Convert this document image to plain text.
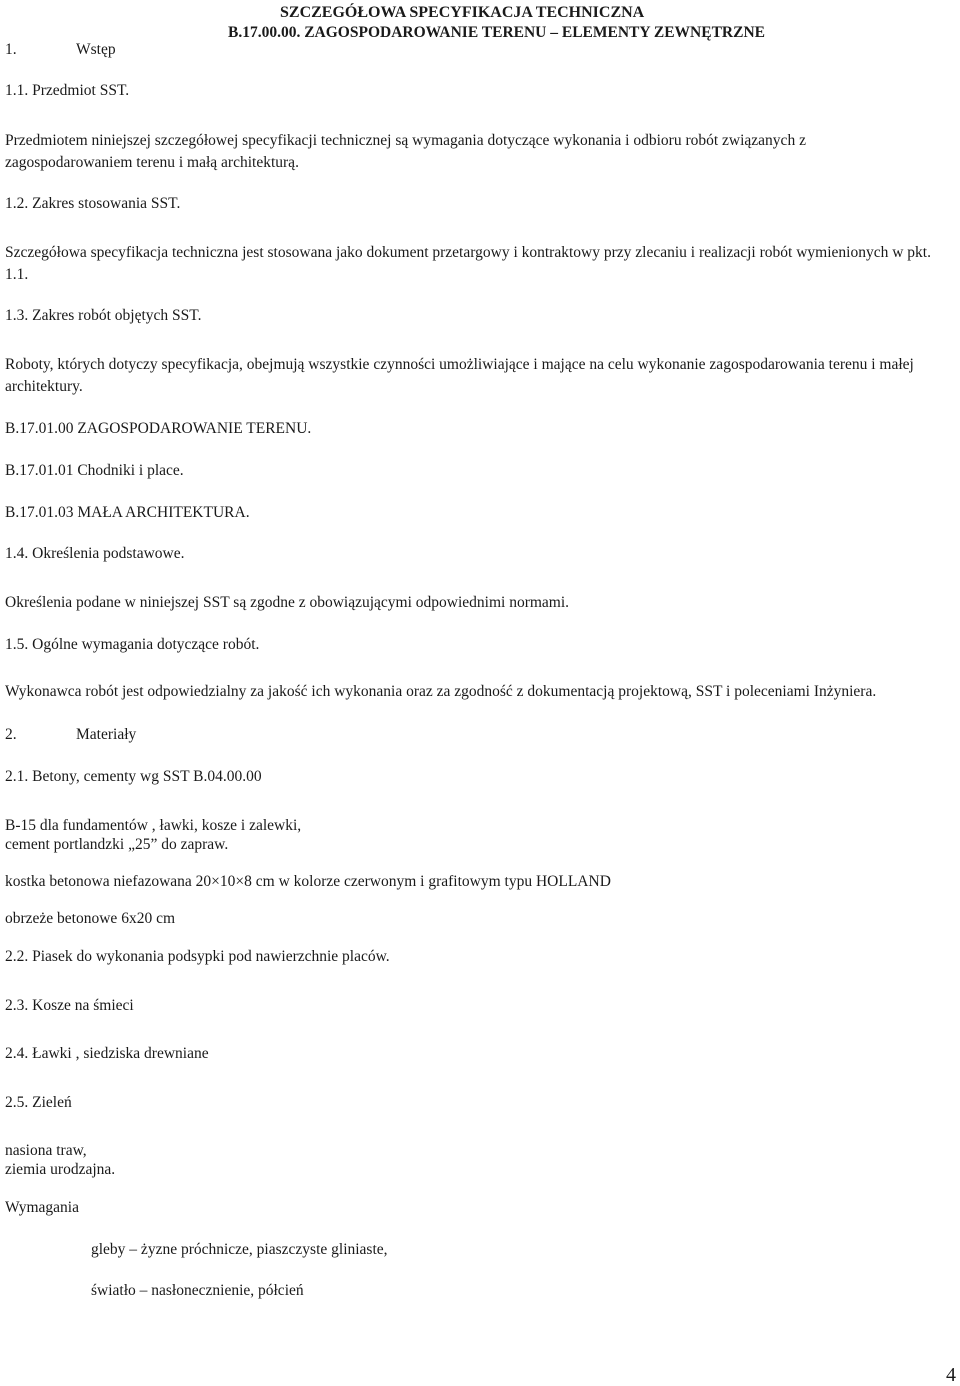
SZCZEGÓŁOWA SPECYFIKACJA TECHNICZNA
B.17.00.00. ZAGOSPODAROWANIE TERENU – ELEMENTY ZEWNĘTRZNE
1.	Wstęp
1.1. Przedmiot SST.
Przedmiotem niniejszej szczegółowej specyfikacji technicznej są wymagania dotyczące wykonania i odbioru robót związanych z zagospodarowaniem terenu i małą architekturą.
1.2. Zakres stosowania SST.
Szczegółowa specyfikacja techniczna jest stosowana jako dokument przetargowy i kontraktowy przy zlecaniu i realizacji robót wymienionych w pkt. 1.1.
1.3. Zakres robót objętych SST.
Roboty, których dotyczy specyfikacja, obejmują wszystkie czynności umożliwiające i mające na celu wykonanie zagospodarowania terenu i małej architektury.
B.17.01.00 ZAGOSPODAROWANIE TERENU.
B.17.01.01 Chodniki i place.
B.17.01.03 MAŁA ARCHITEKTURA.
1.4. Określenia podstawowe.
Określenia podane w niniejszej SST są zgodne z obowiązującymi odpowiednimi normami.
1.5. Ogólne wymagania dotyczące robót.
Wykonawca robót jest odpowiedzialny za jakość ich wykonania oraz za zgodność z dokumentacją projektową, SST i poleceniami Inżyniera.
2.	Materiały
2.1. Betony, cementy wg SST B.04.00.00
B-15 dla fundamentów , ławki, kosze i zalewki,
cement portlandzki „25” do zapraw.
kostka betonowa niefazowana 20×10×8 cm w kolorze czerwonym i grafitowym typu HOLLAND
obrzeże betonowe 6x20 cm
2.2. Piasek do wykonania podsypki pod nawierzchnie placów.
2.3. Kosze na śmieci
2.4. Ławki , siedziska drewniane
2.5. Zieleń
nasiona traw,
ziemia urodzajna.
Wymagania
gleby – żyzne próchnicze, piaszczyste gliniaste,
światło – nasłonecznienie, półcień
4
